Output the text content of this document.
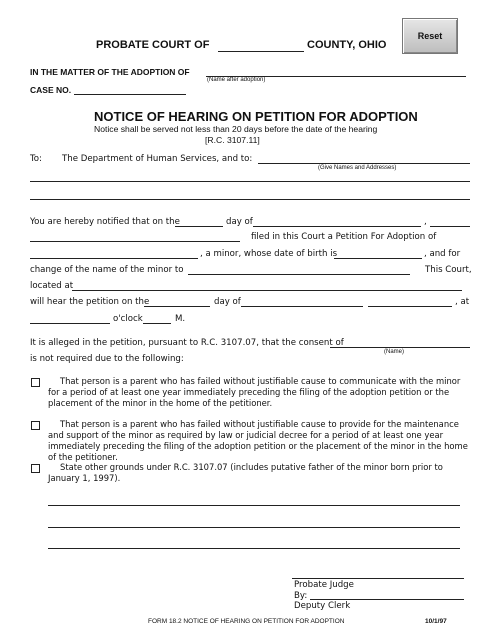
Reset
PROBATE COURT OF	COUNTY, OHIO
IN THE MATTER OF THE ADOPTION OF
(Name after adoption)
CASE NO.
NOTICE OF HEARING ON PETITION FOR ADOPTION
Notice shall be served not less than 20 days before the date of the hearing
[R.C. 3107.11]
To: The Department of Human Services, and to:
(Give Names and Addresses)
You are hereby notified that on the	day of	,
filed in this Court a Petition For Adoption of
, a minor, whose date of birth is	, and for
change of the name of the minor to	This Court,
located at
will hear the petition on the	day of	, at
o'clock	M.
It is alleged in the petition, pursuant to R.C. 3107.07, that the consent of
(Name)
is not required due to the following:
That person is a parent who has failed without justifiable cause to communicate with the minor for a period of at least one year immediately preceding the filing of the adoption petition or the placement of the minor in the home of the petitioner.
That person is a parent who has failed without justifiable cause to provide for the maintenance and support of the minor as required by law or judicial decree for a period of at least one year immediately preceding the filing of the adoption petition or the placement of the minor in the home of the petitioner.
State other grounds under R.C. 3107.07 (includes putative father of the minor born prior to January 1, 1997).
Probate Judge
By:
Deputy Clerk
FORM 18.2 NOTICE OF HEARING ON PETITION FOR ADOPTION	10/1/97
